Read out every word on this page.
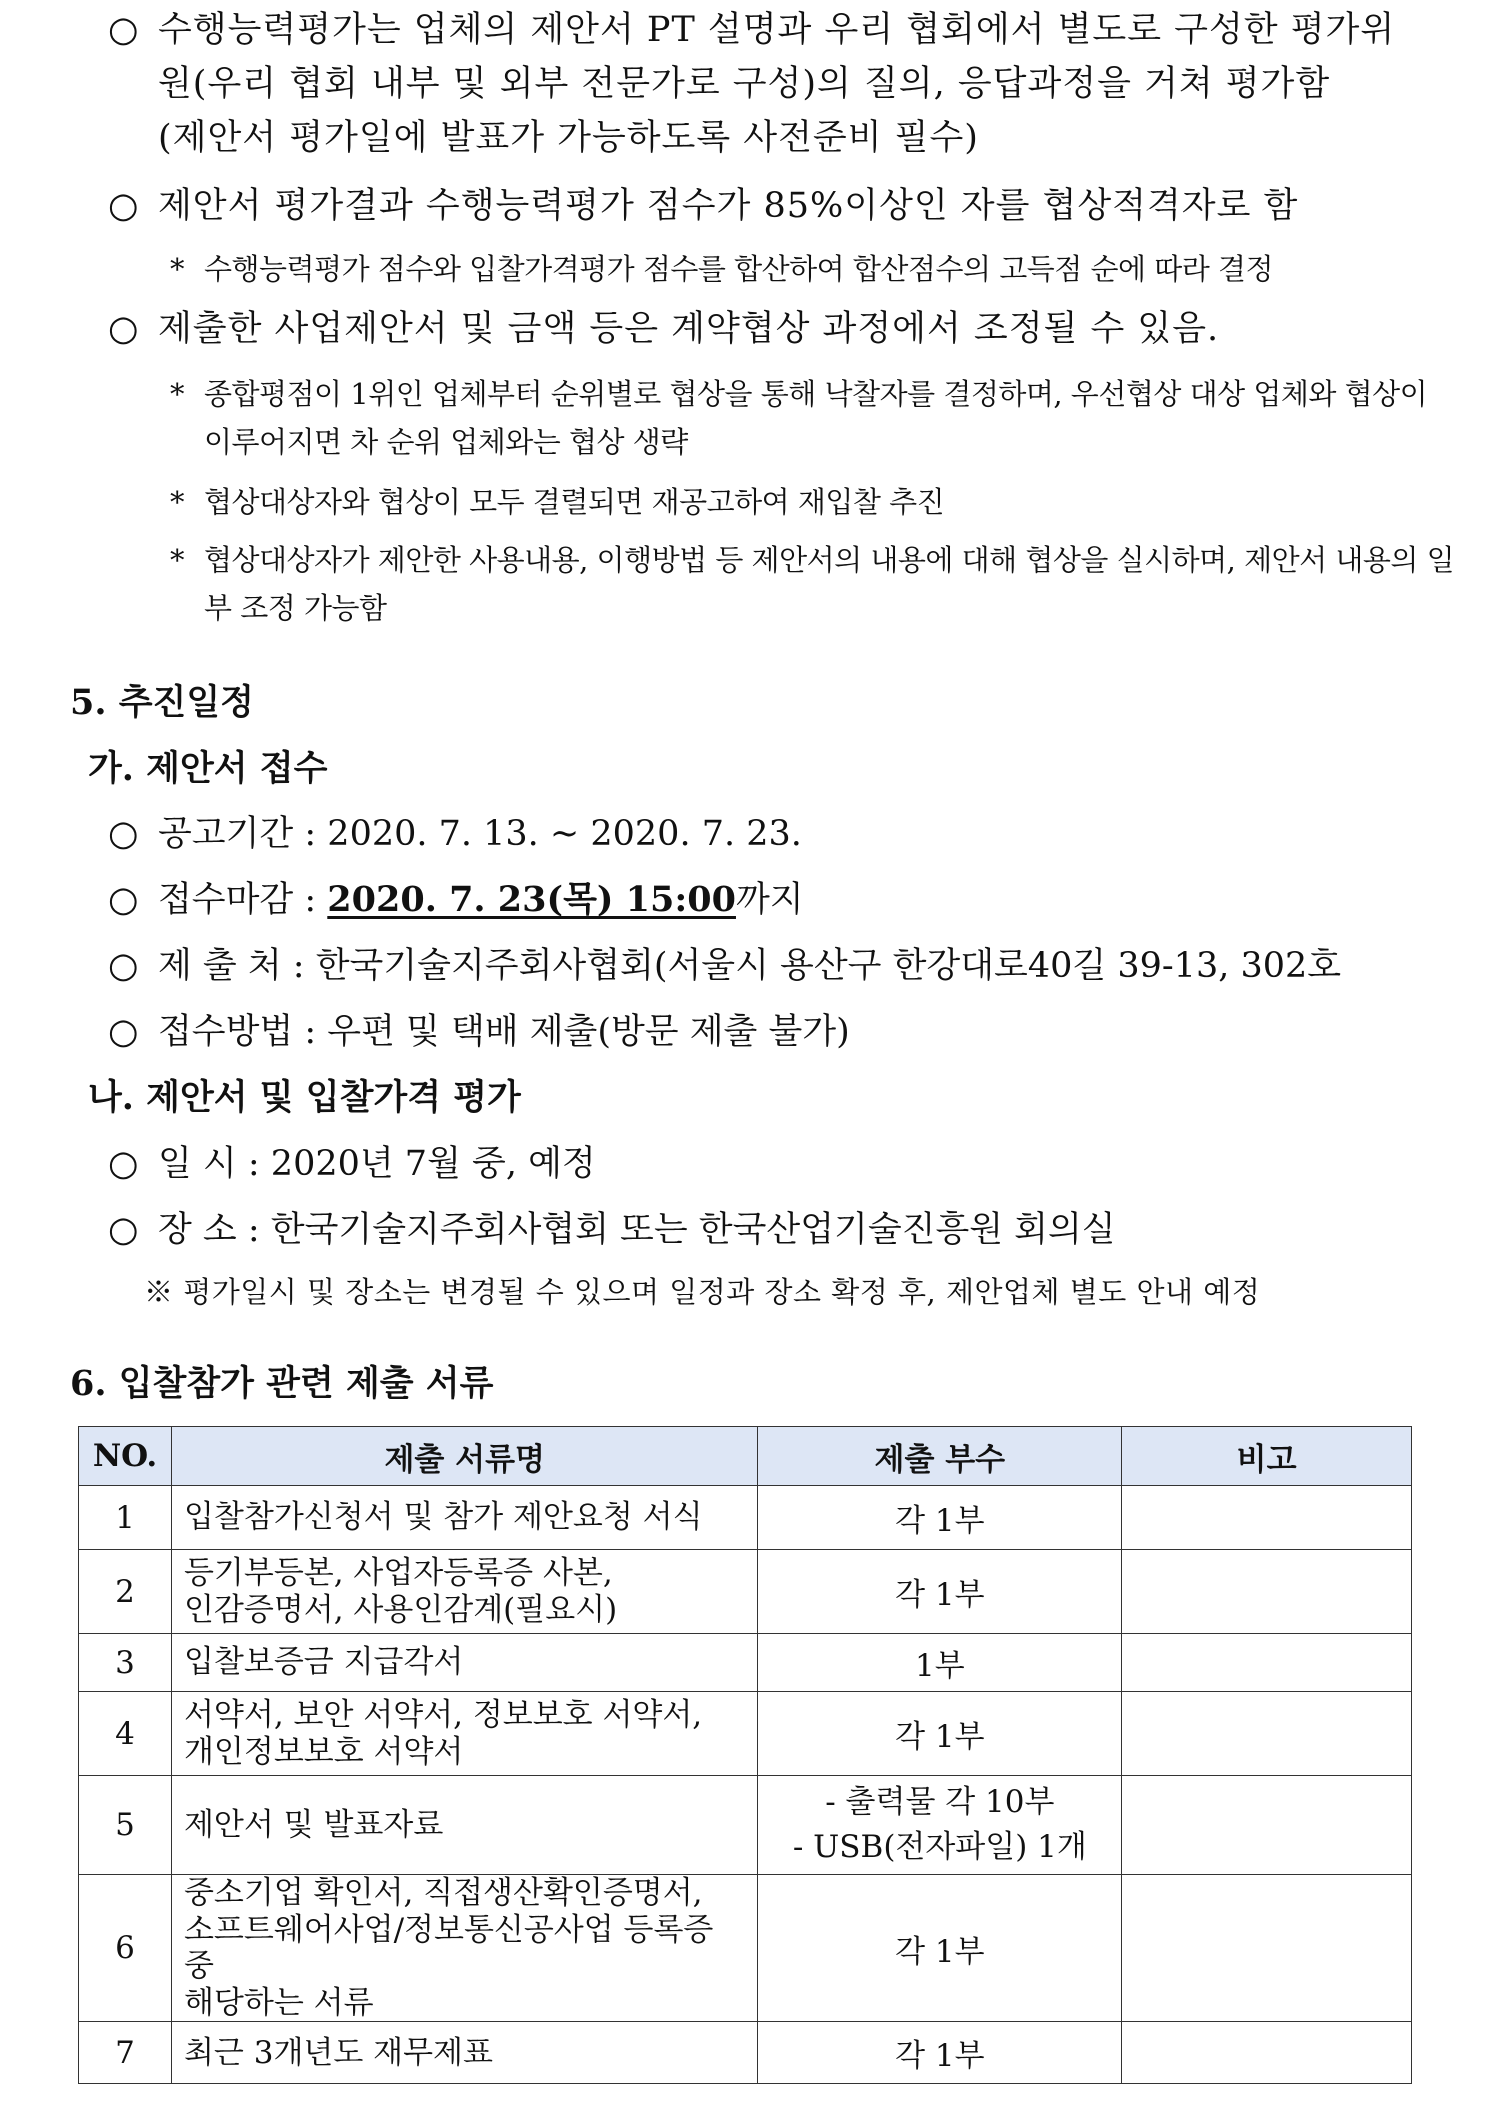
○ 수행능력평가는 업체의 제안서 PT 설명과 우리 협회에서 별도로 구성한 평가위
원(우리 협회 내부 및 외부 전문가로 구성)의 질의, 응답과정을 거쳐 평가함
(제안서 평가일에 발표가 가능하도록 사전준비 필수)
○ 제안서 평가결과 수행능력평가 점수가 85%이상인 자를 협상적격자로 함
* 수행능력평가 점수와 입찰가격평가 점수를 합산하여 합산점수의 고득점 순에 따라 결정
○ 제출한 사업제안서 및 금액 등은 계약협상 과정에서 조정될 수 있음.
* 종합평점이 1위인 업체부터 순위별로 협상을 통해 낙찰자를 결정하며, 우선협상 대상 업체와 협상이
이루어지면 차 순위 업체와는 협상 생략
* 협상대상자와 협상이 모두 결렬되면 재공고하여 재입찰 추진
* 협상대상자가 제안한 사용내용, 이행방법 등 제안서의 내용에 대해 협상을 실시하며, 제안서 내용의 일
부 조정 가능함
5. 추진일정
가. 제안서 접수
○ 공고기간 : 2020. 7. 13. ~ 2020. 7. 23.
○ 접수마감 : 2020. 7. 23(목) 15:00까지
○ 제 출 처 : 한국기술지주회사협회(서울시 용산구 한강대로40길 39-13, 302호
○ 접수방법 : 우편 및 택배 제출(방문 제출 불가)
나. 제안서 및 입찰가격 평가
○ 일 시 : 2020년 7월 중, 예정
○ 장 소 : 한국기술지주회사협회 또는 한국산업기술진흥원 회의실
※ 평가일시 및 장소는 변경될 수 있으며 일정과 장소 확정 후, 제안업체 별도 안내 예정
6. 입찰참가 관련 제출 서류
NO.	제출 서류명	제출 부수	비고
1	입찰참가신청서 및 참가 제안요청 서식	각 1부	

2	등기부등본, 사업자등록증 사본,
인감증명서, 사용인감계(필요시)	각 1부	

3	입찰보증금 지급각서	1부	

4	서약서, 보안 서약서, 정보보호 서약서,
개인정보보호 서약서	각 1부	

5	제안서 및 발표자료	- 출력물 각 10부
- USB(전자파일) 1개	

6	중소기업 확인서, 직접생산확인증명서,
소프트웨어사업/정보통신공사업 등록증 중
해당하는 서류	각 1부	

7	최근 3개년도 재무제표	각 1부	
